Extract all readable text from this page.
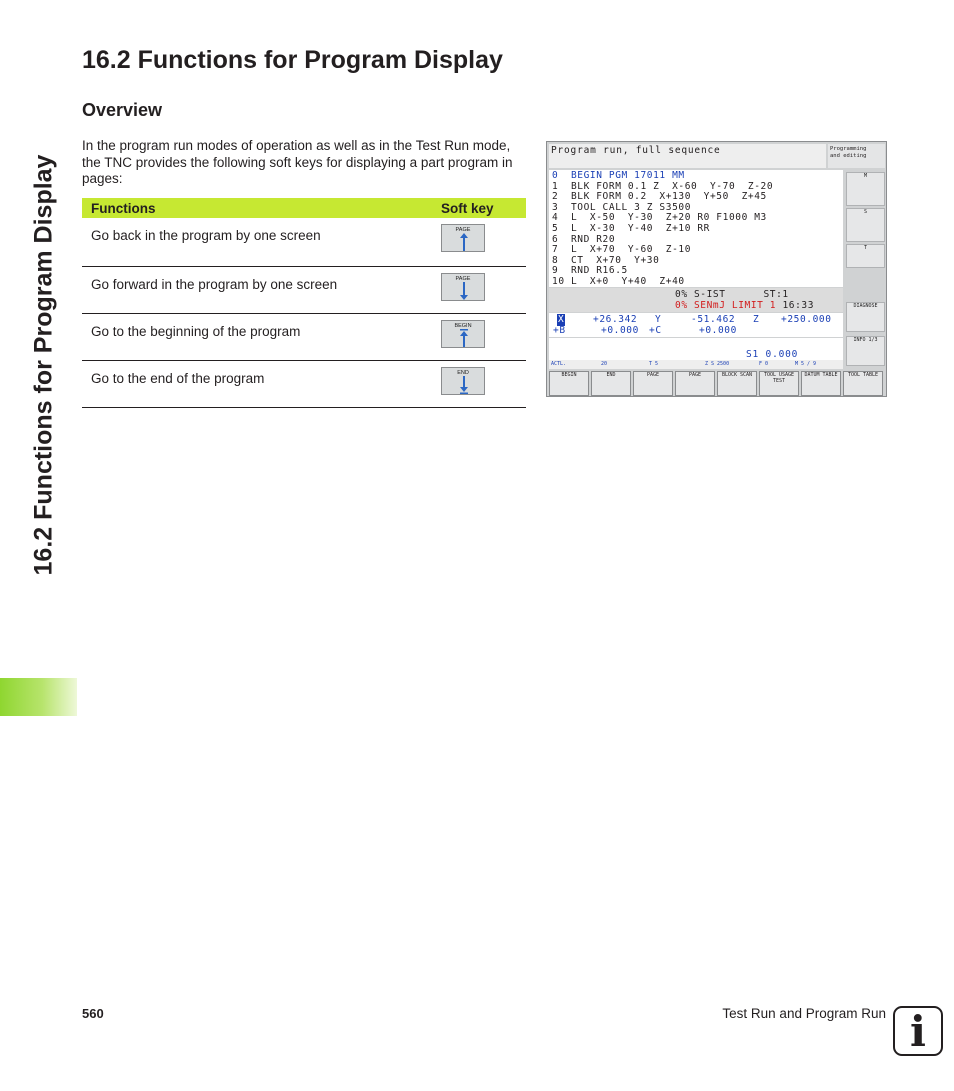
16.2 Functions for Program Display
16.2 Functions for Program Display
Overview

In the program run modes of operation as well as in the Test Run mode, the TNC provides the following soft keys for displaying a part program in pages:

Functions	Soft key
Go back in the program by one screen	PAGE

Go forward in the program by one screen	PAGE

Go to the beginning of the program	BEGIN

Go to the end of the program	END
Program run, full sequence	Programming
and editing
0  BEGIN PGM 17011 MM
1  BLK FORM 0.1 Z  X-60  Y-70  Z-20
2  BLK FORM 0.2  X+130  Y+50  Z+45
3  TOOL CALL 3 Z S3500
4  L  X-50  Y-30  Z+20 R0 F1000 M3
5  L  X-30  Y-40  Z+10 RR
6  RND R20
7  L  X+70  Y-60  Z-10
8  CT  X+70  Y+30
9  RND R16.5
10 L  X+0  Y+40  Z+40
0% S-IST      ST:1
0% SENmJ LIMIT 1 16:33
X	+26.342 Y	-51.462 Z +250.000
+B	+0.000 +C	+0.000
S1 0.000
ACTL.	20	T 5	Z S 2500	F 0	M 5 / 9
M
S
T
DIAGNOSE
INFO 1/3
BEGIN	END	PAGE	PAGE	BLOCK SCAN	TOOL USAGE TEST
DATUM TABLE	TOOL TABLE
560	Test Run and Program Run i
